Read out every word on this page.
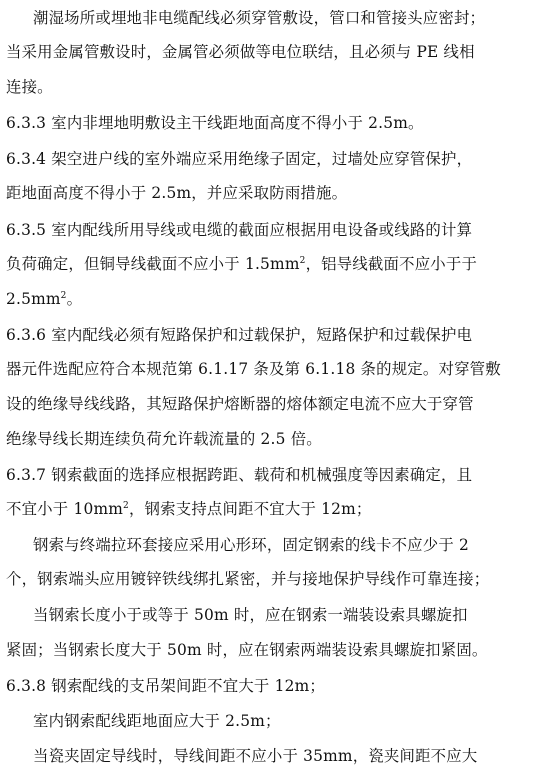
潮湿场所或埋地非电缆配线必须穿管敷设，管口和管接头应密封；
当采用金属管敷设时，金属管必须做等电位联结，且必须与 PE 线相
连接。
6.3.3 室内非埋地明敷设主干线距地面高度不得小于 2.5m。
6.3.4 架空进户线的室外端应采用绝缘子固定，过墙处应穿管保护，
距地面高度不得小于 2.5m，并应采取防雨措施。
6.3.5 室内配线所用导线或电缆的截面应根据用电设备或线路的计算
负荷确定，但铜导线截面不应小于 $1.5mm^2$，铝导线截面不应小于于
$2.5mm^2$。
6.3.6 室内配线必须有短路保护和过载保护，短路保护和过载保护电
器元件选配应符合本规范第 6.1.17 条及第 6.1.18 条的规定。对穿管敷
设的绝缘导线线路，其短路保护熔断器的熔体额定电流不应大于穿管
绝缘导线长期连续负荷允许载流量的 2.5 倍。
6.3.7 钢索截面的选择应根据跨距、载荷和机械强度等因素确定，且
不宜小于 $10mm^2$，钢索支持点间距不宜大于 12m；
钢索与终端拉环套接应采用心形环，固定钢索的线卡不应少于 2
个，钢索端头应用镀锌铁线绑扎紧密，并与接地保护导线作可靠连接；
当钢索长度小于或等于 50m 时，应在钢索一端装设索具螺旋扣
紧固；当钢索长度大于 50m 时，应在钢索两端装设索具螺旋扣紧固。
6.3.8 钢索配线的支吊架间距不宜大于 12m；
室内钢索配线距地面应大于 2.5m；
当瓷夹固定导线时，导线间距不应小于 35mm，瓷夹间距不应大
